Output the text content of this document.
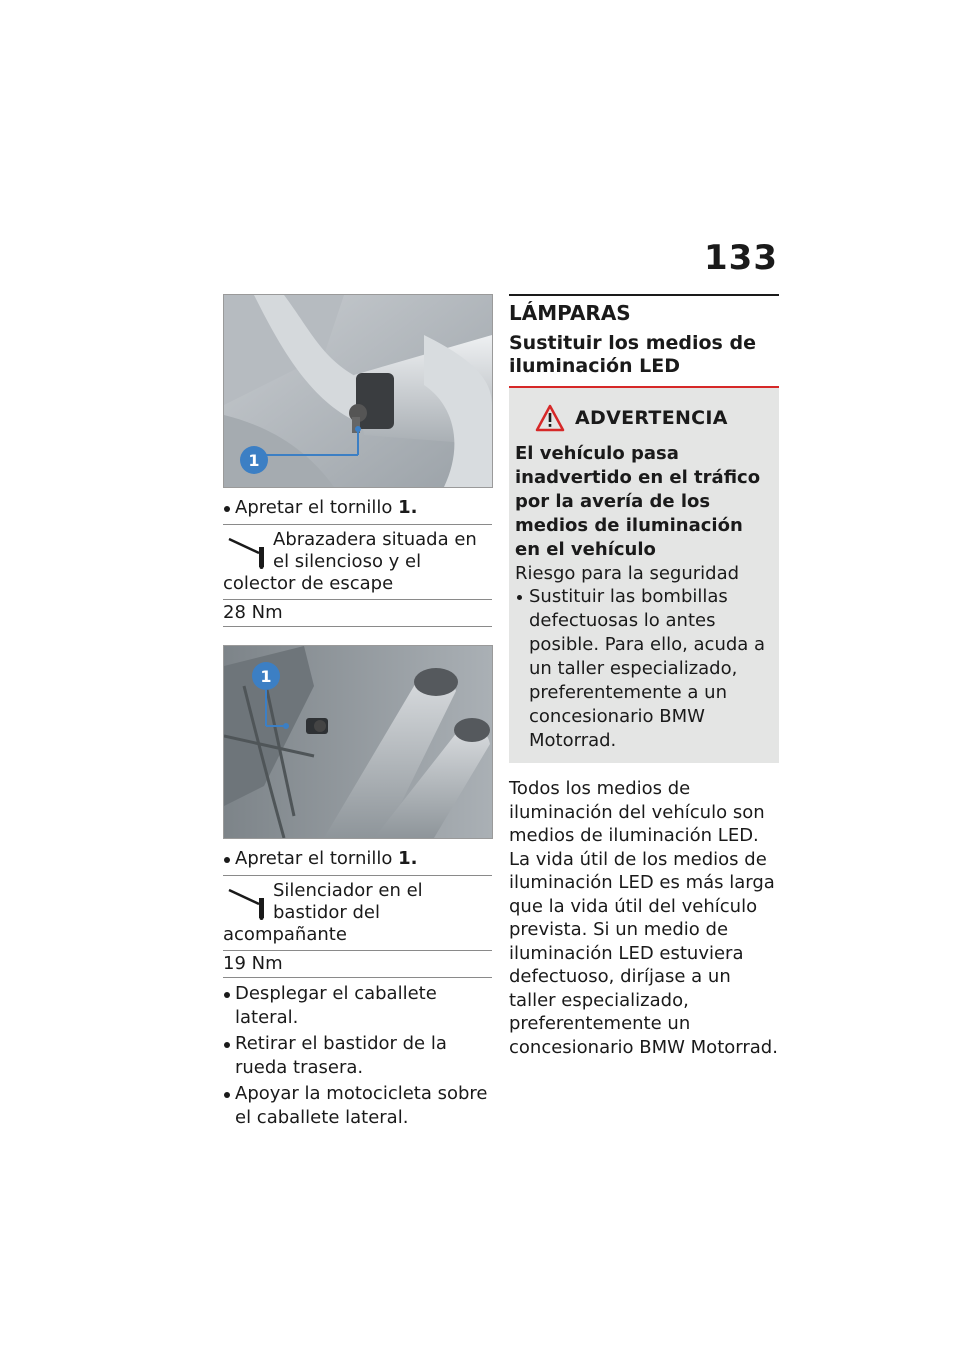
133
1
Apretar el tornillo 1.
Abrazadera situada en el silencioso y el colector de escape
28 Nm
1
Apretar el tornillo 1.
Silenciador en el bastidor del acompañante
19 Nm
Desplegar el caballete lateral.
Retirar el bastidor de la rueda trasera.
Apoyar la motocicleta sobre el caballete lateral.
LÁMPARAS
Sustituir los medios de iluminación LED
ADVERTENCIA
El vehículo pasa inadvertido en el tráfico por la avería de los medios de iluminación en el vehículo
Riesgo para la seguridad
Sustituir las bombillas defectuosas lo antes posible. Para ello, acuda a un taller especializado, preferentemente a un concesionario BMW Motorrad.
Todos los medios de iluminación del vehículo son medios de iluminación LED. La vida útil de los medios de iluminación LED es más larga que la vida útil del vehículo prevista. Si un medio de iluminación LED estuviera defectuoso, diríjase a un taller especializado, preferentemente un concesionario BMW Motorrad.
